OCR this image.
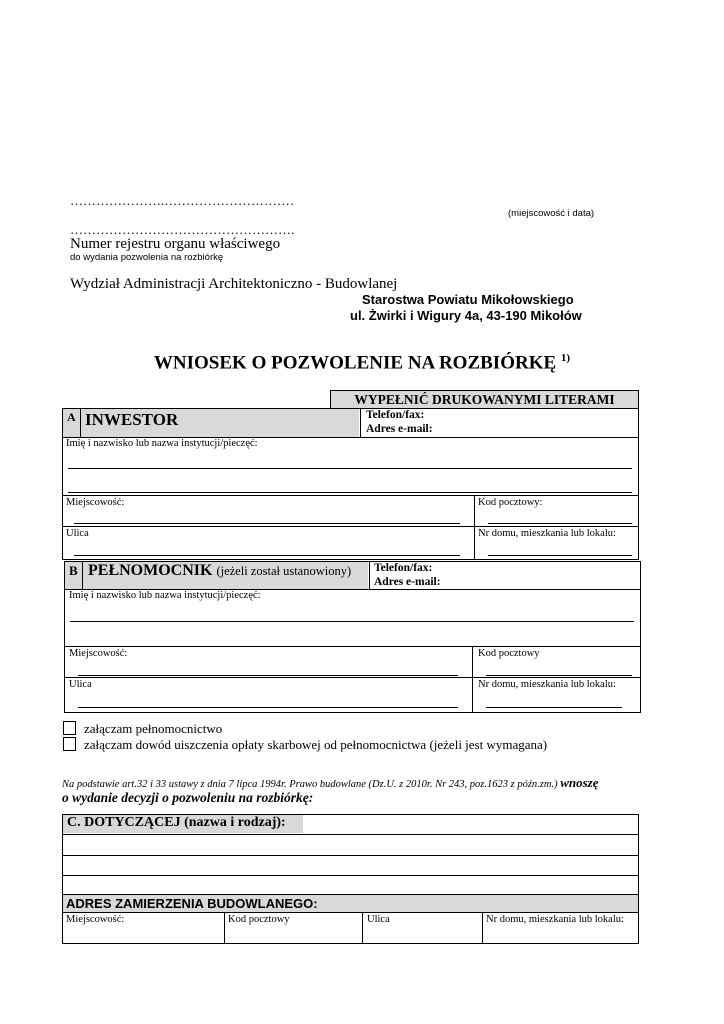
………………….…………………………
(miejscowość i data)
…………………………………………….
Numer rejestru organu właściwego
do wydania pozwolenia na rozbiórkę
Wydział Administracji Architektoniczno - Budowlanej
Starostwa Powiatu Mikołowskiego
ul. Żwirki i Wigury 4a, 43-190 Mikołów
WNIOSEK O POZWOLENIE NA ROZBIÓRKĘ $^{1)}$
WYPEŁNIĆ DRUKOWANYMI LITERAMI
A INWESTOR	Telefon/fax:
Adres e-mail:
Imię i nazwisko lub nazwa instytucji/pieczęć:
Miejscowość:	Kod pocztowy:
Ulica	Nr domu, mieszkania lub lokalu:
B PEŁNOMOCNIK (jeżeli został ustanowiony) Telefon/fax:
Adres e-mail:
Imię i nazwisko lub nazwa instytucji/pieczęć:
Miejscowość:	Kod pocztowy
Ulica	Nr domu, mieszkania lub lokalu:
załączam pełnomocnictwo
załączam dowód uiszczenia opłaty skarbowej od pełnomocnictwa (jeżeli jest wymagana)
Na podstawie art.32 i 33 ustawy z dnia 7 lipca 1994r. Prawo budowlane (Dz.U. z 2010r. Nr 243, poz.1623 z późn.zm.) wnoszę
o wydanie decyzji o pozwoleniu na rozbiórkę:
C. DOTYCZĄCEJ (nazwa i rodzaj):
ADRES ZAMIERZENIA BUDOWLANEGO:
Miejscowość:	Kod pocztowy	Ulica	Nr domu, mieszkania lub lokalu:
